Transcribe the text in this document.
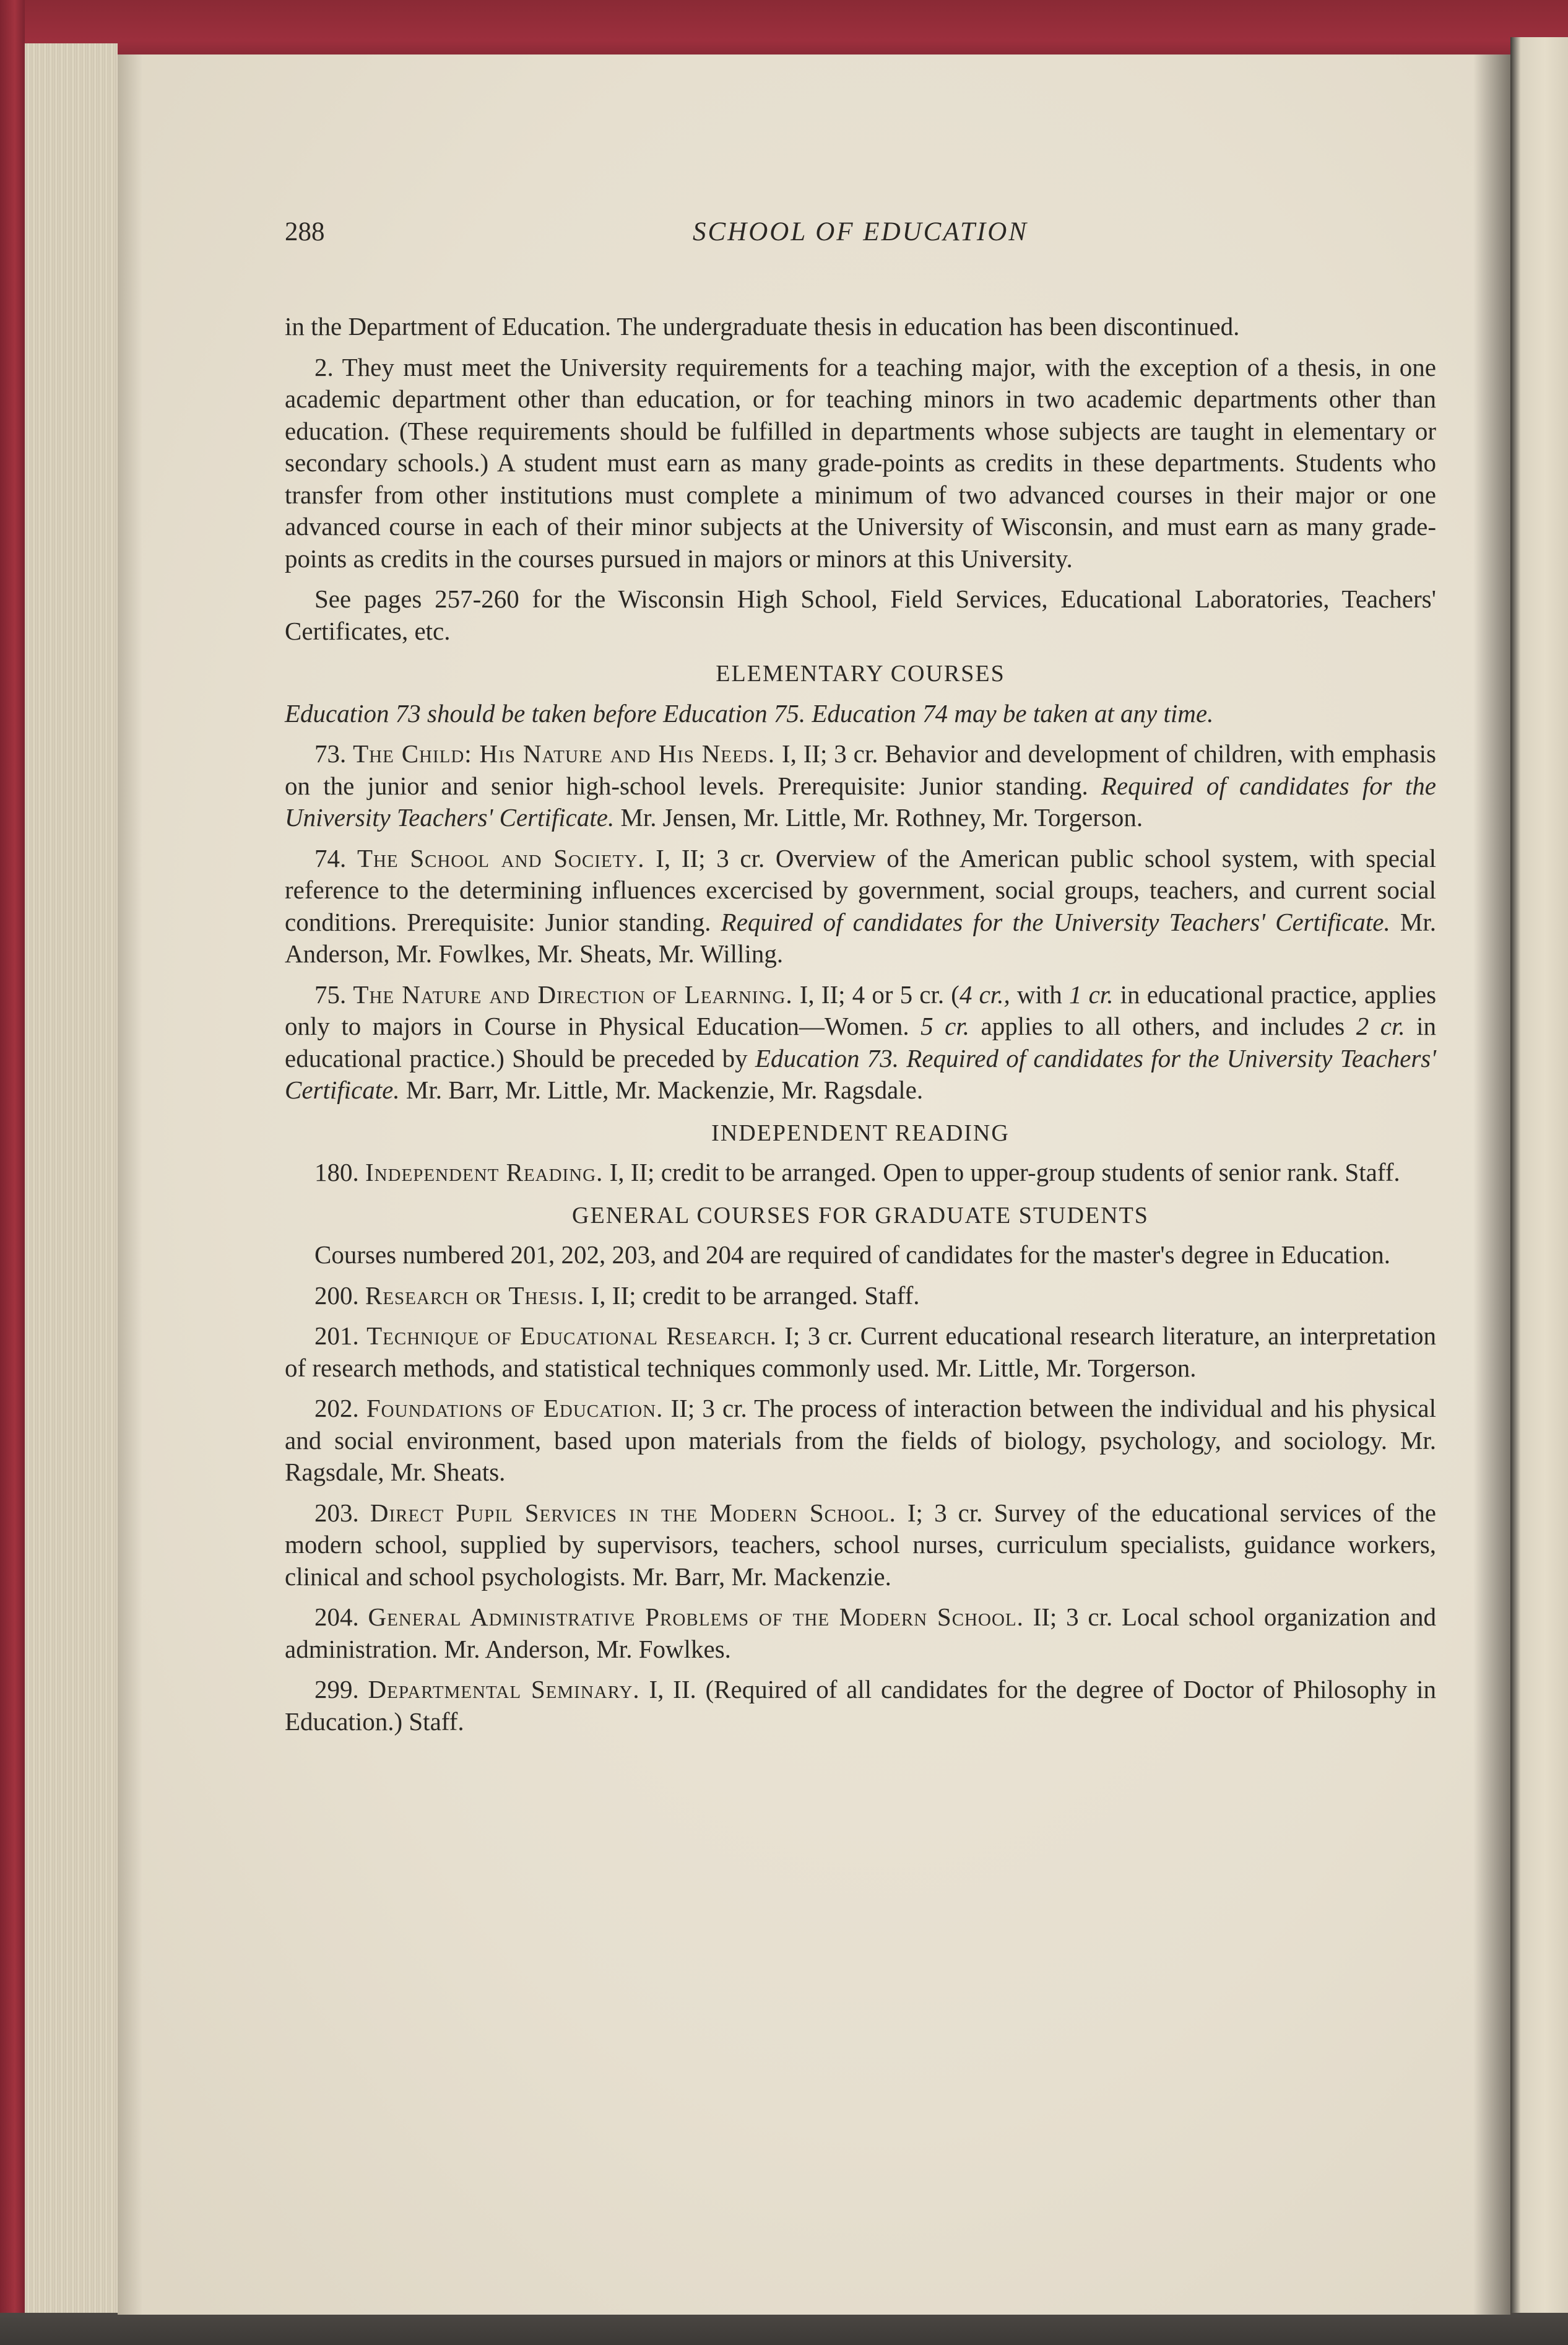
288	SCHOOL OF EDUCATION

in the Department of Education. The undergraduate thesis in education has been discontinued.

2. They must meet the University requirements for a teaching major, with the exception of a thesis, in one academic department other than education, or for teaching minors in two academic departments other than education. (These requirements should be fulfilled in departments whose subjects are taught in elementary or secondary schools.) A student must earn as many grade-points as credits in these departments. Students who transfer from other institutions must complete a minimum of two advanced courses in their major or one advanced course in each of their minor subjects at the University of Wisconsin, and must earn as many grade-points as credits in the courses pursued in majors or minors at this University.

See pages 257-260 for the Wisconsin High School, Field Services, Educational Laboratories, Teachers' Certificates, etc.

ELEMENTARY COURSES

Education 73 should be taken before Education 75. Education 74 may be taken at any time.

73. The Child: His Nature and His Needs. I, II; 3 cr. Behavior and development of children, with emphasis on the junior and senior high-school levels. Prerequisite: Junior standing. Required of candidates for the University Teachers' Certificate. Mr. Jensen, Mr. Little, Mr. Rothney, Mr. Torgerson.

74. The School and Society. I, II; 3 cr. Overview of the American public school system, with special reference to the determining influences excercised by government, social groups, teachers, and current social conditions. Prerequisite: Junior standing. Required of candidates for the University Teachers' Certificate. Mr. Anderson, Mr. Fowlkes, Mr. Sheats, Mr. Willing.

75. The Nature and Direction of Learning. I, II; 4 or 5 cr. (4 cr., with 1 cr. in educational practice, applies only to majors in Course in Physical Education—Women. 5 cr. applies to all others, and includes 2 cr. in educational practice.) Should be preceded by Education 73. Required of candidates for the University Teachers' Certificate. Mr. Barr, Mr. Little, Mr. Mackenzie, Mr. Ragsdale.

INDEPENDENT READING

180. Independent Reading. I, II; credit to be arranged. Open to upper-group students of senior rank. Staff.

GENERAL COURSES FOR GRADUATE STUDENTS

Courses numbered 201, 202, 203, and 204 are required of candidates for the master's degree in Education.

200. Research or Thesis. I, II; credit to be arranged. Staff.

201. Technique of Educational Research. I; 3 cr. Current educational research literature, an interpretation of research methods, and statistical techniques commonly used. Mr. Little, Mr. Torgerson.

202. Foundations of Education. II; 3 cr. The process of interaction between the individual and his physical and social environment, based upon materials from the fields of biology, psychology, and sociology. Mr. Ragsdale, Mr. Sheats.

203. Direct Pupil Services in the Modern School. I; 3 cr. Survey of the educational services of the modern school, supplied by supervisors, teachers, school nurses, curriculum specialists, guidance workers, clinical and school psychologists. Mr. Barr, Mr. Mackenzie.

204. General Administrative Problems of the Modern School. II; 3 cr. Local school organization and administration. Mr. Anderson, Mr. Fowlkes.

299. Departmental Seminary. I, II. (Required of all candidates for the degree of Doctor of Philosophy in Education.) Staff.
